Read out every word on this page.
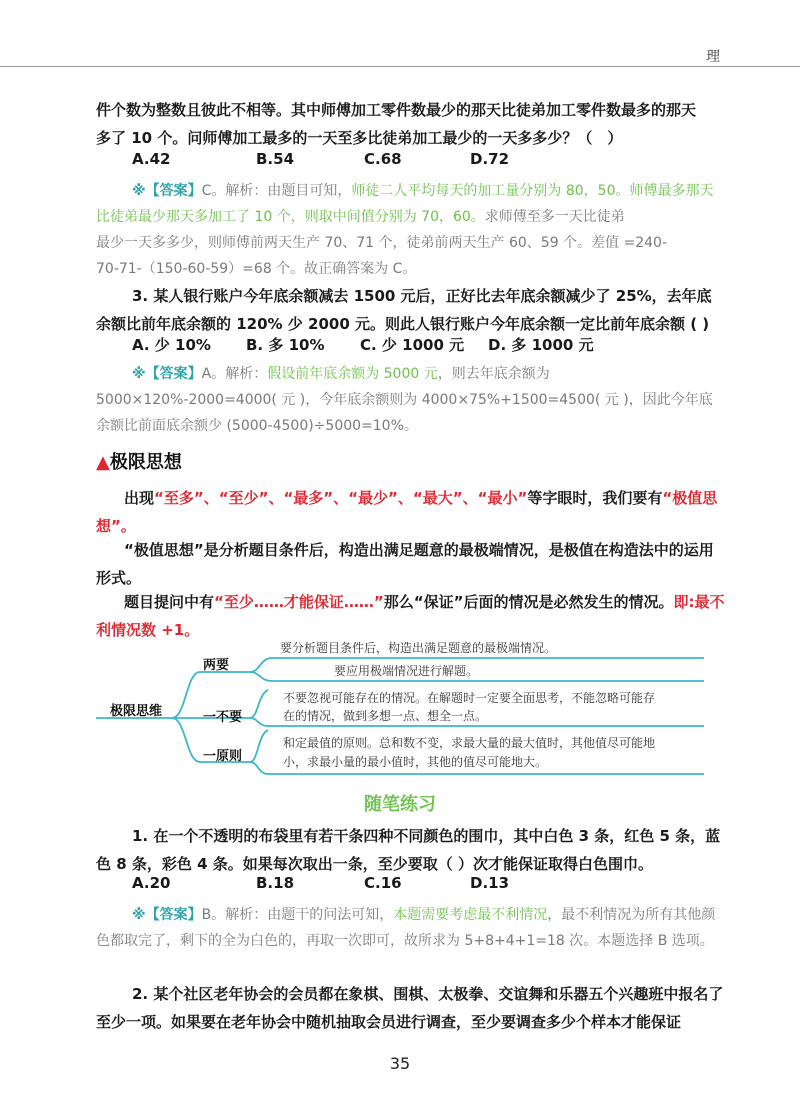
理
件个数为整数且彼此不相等。其中师傅加工零件数最少的那天比徒弟加工零件数最多的那天
多了 10 个。问师傅加工最多的一天至多比徒弟加工最少的一天多多少？（　）
A.42	B.54	C.68	D.72
※【答案】C。解析：由题目可知，师徒二人平均每天的加工量分别为 80，50。师傅最多那天比徒弟最少那天多加工了 10 个，则取中间值分别为 70，60。求师傅至多一天比徒弟
最少一天多多少，则师傅前两天生产 70、71 个，徒弟前两天生产 60、59 个。差值 =240-
70-71-（150-60-59）=68 个。故正确答案为 C。
3. 某人银行账户今年底余额减去 1500 元后，正好比去年底余额减少了 25%，去年底余额比前年底余额的 120% 少 2000 元。则此人银行账户今年底余额一定比前年底余额 ( )
A. 少 10% B. 多 10% C. 少 1000 元 D. 多 1000 元
※【答案】A。解析：假设前年底余额为 5000 元，则去年底余额为 5000×120%-2000=4000( 元 )，今年底余额则为 4000×75%+1500=4500( 元 )，因此今年底余额比前面底余额少 (5000-4500)÷5000=10%。
▲极限思想
出现“至多”、“至少”、“最多”、“最少”、“最大”、“最小”等字眼时，我们要有“极值思想”。
“极值思想”是分析题目条件后，构造出满足题意的最极端情况，是极值在构造法中的运用形式。
题目提问中有“至少……才能保证……”那么“保证”后面的情况是必然发生的情况。即:最不利情况数 +1。
极限思维
两要
一不要
一原则
要分析题目条件后，构造出满足题意的最极端情况。
要应用极端情况进行解题。
不要忽视可能存在的情况。在解题时一定要全面思考，不能忽略可能存
在的情况，做到多想一点、想全一点。
和定最值的原则。总和数不变，求最大量的最大值时，其他值尽可能地
小，求最小量的最小值时，其他的值尽可能地大。
随笔练习
1. 在一个不透明的布袋里有若干条四种不同颜色的围巾，其中白色 3 条，红色 5 条，蓝色 8 条，彩色 4 条。如果每次取出一条，至少要取（ ）次才能保证取得白色围巾。
A.20	B.18	C.16	D.13
※【答案】B。解析：由题干的问法可知，本题需要考虑最不利情况，最不利情况为所有其他颜色都取完了，剩下的全为白色的，再取一次即可，故所求为 5+8+4+1=18 次。本题选择 B 选项。
2. 某个社区老年协会的会员都在象棋、围棋、太极拳、交谊舞和乐器五个兴趣班中报名了至少一项。如果要在老年协会中随机抽取会员进行调查，至少要调查多少个样本才能保证
35
